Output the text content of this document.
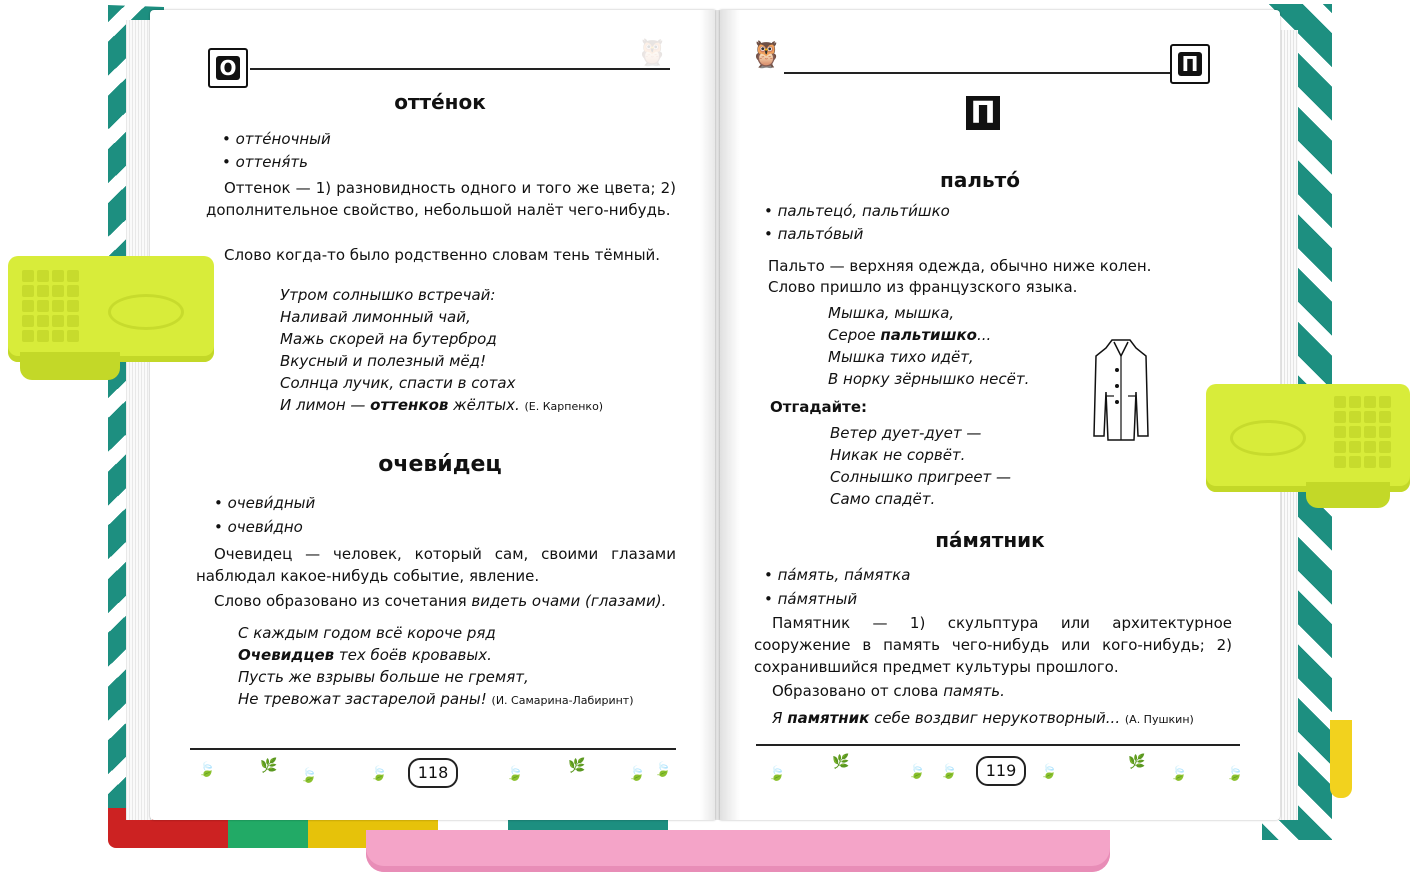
О	🦉
отте́нок
• отте́ночный
• оттеня́ть
Оттенок — 1) разновидность одного и того же цвета; 2) дополнительное свойство, небольшой налёт чего-нибудь.
Слово когда-то было родственно словам тень тёмный.
Утром солнышко встречай:
Наливай лимонный чай,
Мажь скорей на бутерброд
Вкусный и полезный мёд!
Солнца лучик, спасти в сотах
И лимон — оттенков жёлтых. (Е. Карпенко)
очеви́дец
• очеви́дный
• очеви́дно
Очевидец — человек, который сам, своими глазами наблюдал какое-нибудь событие, явление.
Слово образовано из сочетания видеть очами (глазами).
С каждым годом всё короче ряд
Очевидцев тех боёв кровавых.
Пусть же взрывы больше не гремят,
Не тревожат застарелой раны! (И. Самарина-Лабиринт)
🍃	🌿
🍃	🍃	118	🍃	🌿	🍃 🍃
🦉	П
П
пальто́
• пальтецо́, пальти́шко
• пальто́вый
Пальто — верхняя одежда, обычно ниже колен.
Слово пришло из французского языка.
Мышка, мышка,
Серое пальтишко...
Мышка тихо идёт,
В норку зёрнышко несёт.
Отгадайте:
Ветер дует-дует —
Никак не сорвёт.
Солнышко пригреет —
Само спадёт.
па́мятник
• па́мять, па́мятка
• па́мятный
Памятник — 1) скульптура или архитектурное сооружение в память чего-нибудь или кого-нибудь; 2) сохранившийся предмет культуры прошлого.
Образовано от слова память.
Я памятник себе воздвиг нерукотворный... (А. Пушкин)
🍃
🌿
🍃 🍃	119	🍃
🌿
🍃	🍃
